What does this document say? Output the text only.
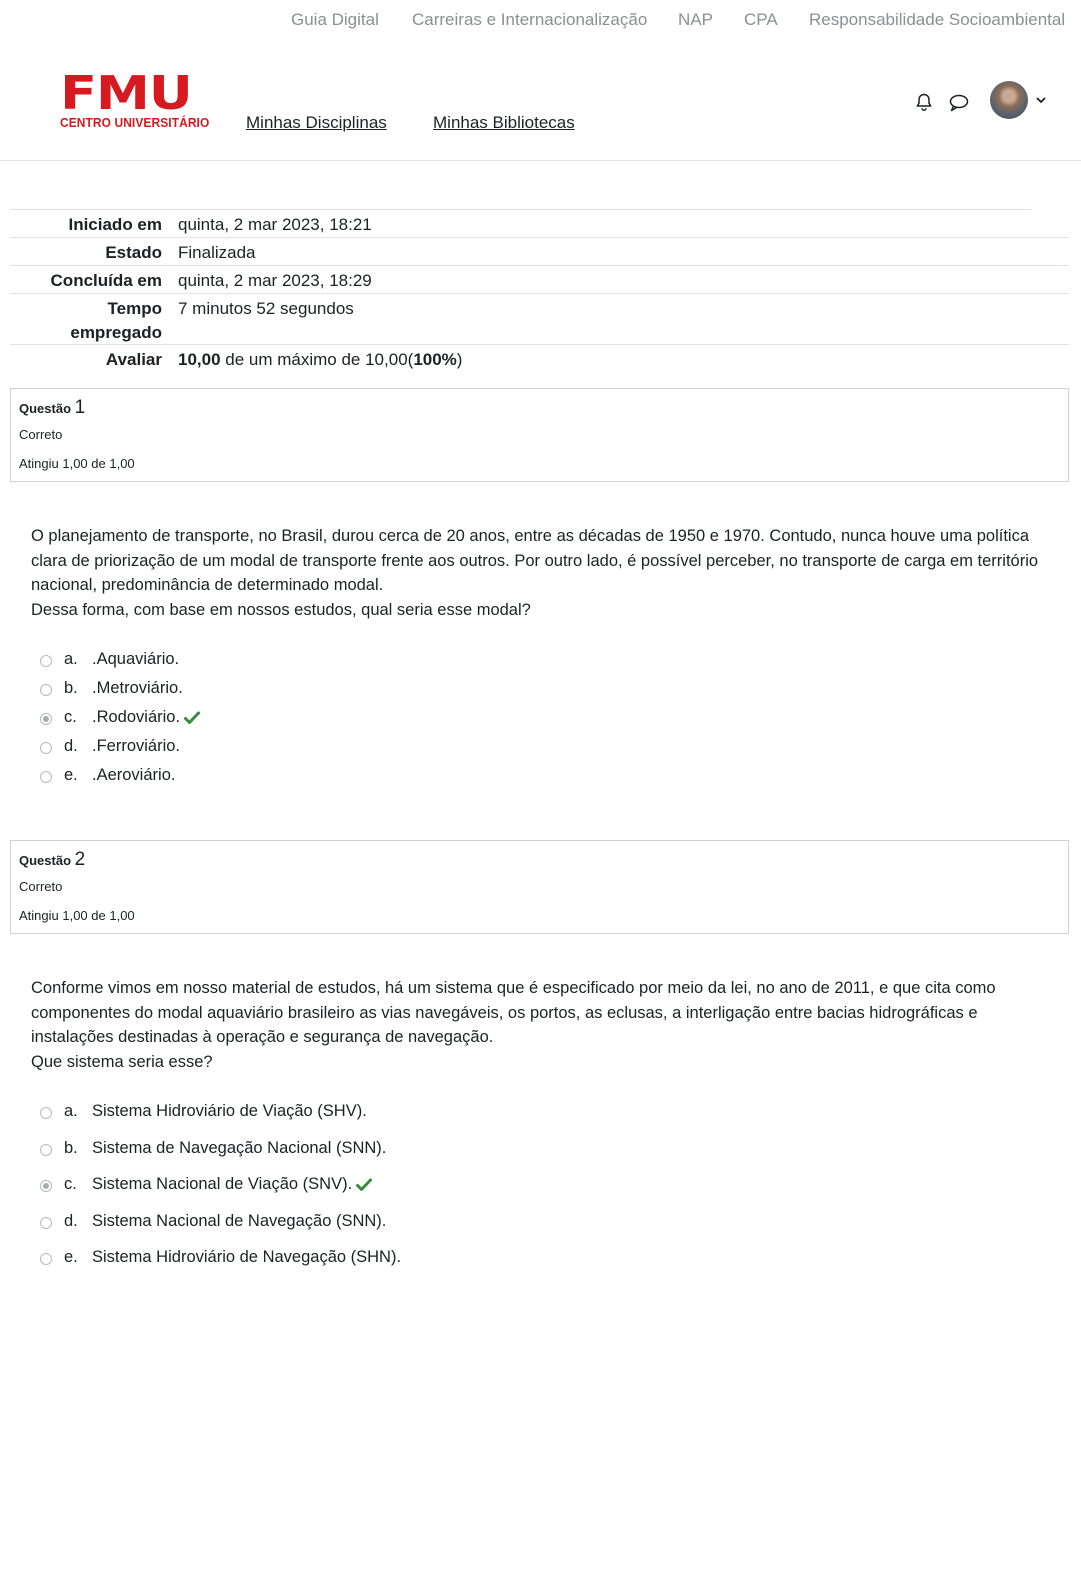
Guia Digital Carreiras e Internacionalização NAP CPA Responsabilidade Socioambiental
FMU
CENTRO UNIVERSITÁRIO Minhas Disciplinas	Minhas Bibliotecas
Iniciado em quinta, 2 mar 2023, 18:21
Estado Finalizada
Concluída em quinta, 2 mar 2023, 18:29
Tempo
empregado
7 minutos 52 segundos
Avaliar 10,00 de um máximo de 10,00(100%)
Questão 1
Correto
Atingiu 1,00 de 1,00

O planejamento de transporte, no Brasil, durou cerca de 20 anos, entre as décadas de 1950 e 1970. Contudo, nunca houve uma política clara de priorização de um modal de transporte frente aos outros. Por outro lado, é possível perceber, no transporte de carga em território nacional, predominância de determinado modal.

Dessa forma, com base em nossos estudos, qual seria esse modal?

a. .Aquaviário.
b. .Metroviário.
c. .Rodoviário.
d. .Ferroviário.
e. .Aeroviário.
Questão 2
Correto
Atingiu 1,00 de 1,00

Conforme vimos em nosso material de estudos, há um sistema que é especificado por meio da lei, no ano de 2011, e que cita como componentes do modal aquaviário brasileiro as vias navegáveis, os portos, as eclusas, a interligação entre bacias hidrográficas e instalações destinadas à operação e segurança de navegação.

Que sistema seria esse?

a. Sistema Hidroviário de Viação (SHV).
b. Sistema de Navegação Nacional (SNN).
c. Sistema Nacional de Viação (SNV).
d. Sistema Nacional de Navegação (SNN).
e. Sistema Hidroviário de Navegação (SHN).
